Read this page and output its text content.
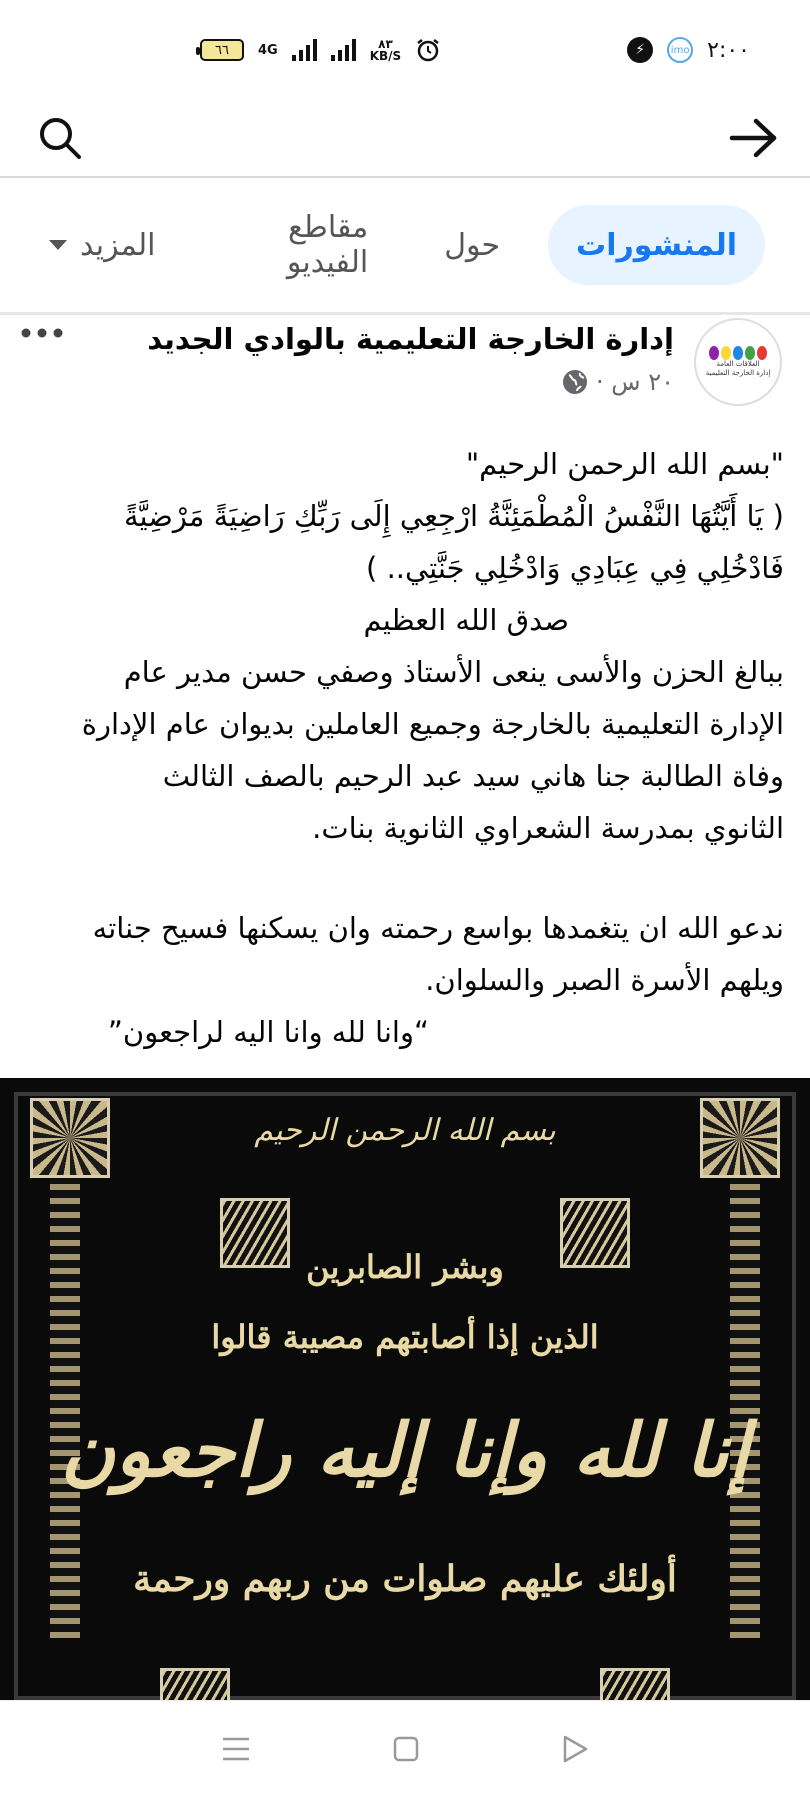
٦٦ 4G	٨٣
KB/S	⚡	imo ٢:٠٠
المنشورات
حول
مقاطع الفيديو
المزيد
العلاقات العامة
إدارة الخارجة التعليمية
إدارة الخارجة التعليمية بالوادي الجديد
٢٠ س ·
"بسم الله الرحمن الرحيم"
( يَا أَيَّتُهَا النَّفْسُ الْمُطْمَئِنَّةُ ارْجِعِي إِلَى رَبِّكِ رَاضِيَةً مَرْضِيَّةً
فَادْخُلِي فِي عِبَادِي وَادْخُلِي جَنَّتِي.. )
صدق الله العظيم
ببالغ الحزن والأسى ينعى الأستاذ وصفي حسن مدير عام
الإدارة التعليمية بالخارجة وجميع العاملين بديوان عام الإدارة
وفاة الطالبة جنا هاني سيد عبد الرحيم بالصف الثالث
الثانوي بمدرسة الشعراوي الثانوية بنات.
ندعو الله ان يتغمدها بواسع رحمته وان يسكنها فسيح جناته
ويلهم الأسرة الصبر والسلوان.
“وانا لله وانا اليه لراجعون”
بسم الله الرحمن الرحيم
وبشر الصابرين
الذين إذا أصابتهم مصيبة قالوا
إنا لله وإنا إليه راجعون
أولئك عليهم صلوات من ربهم ورحمة
